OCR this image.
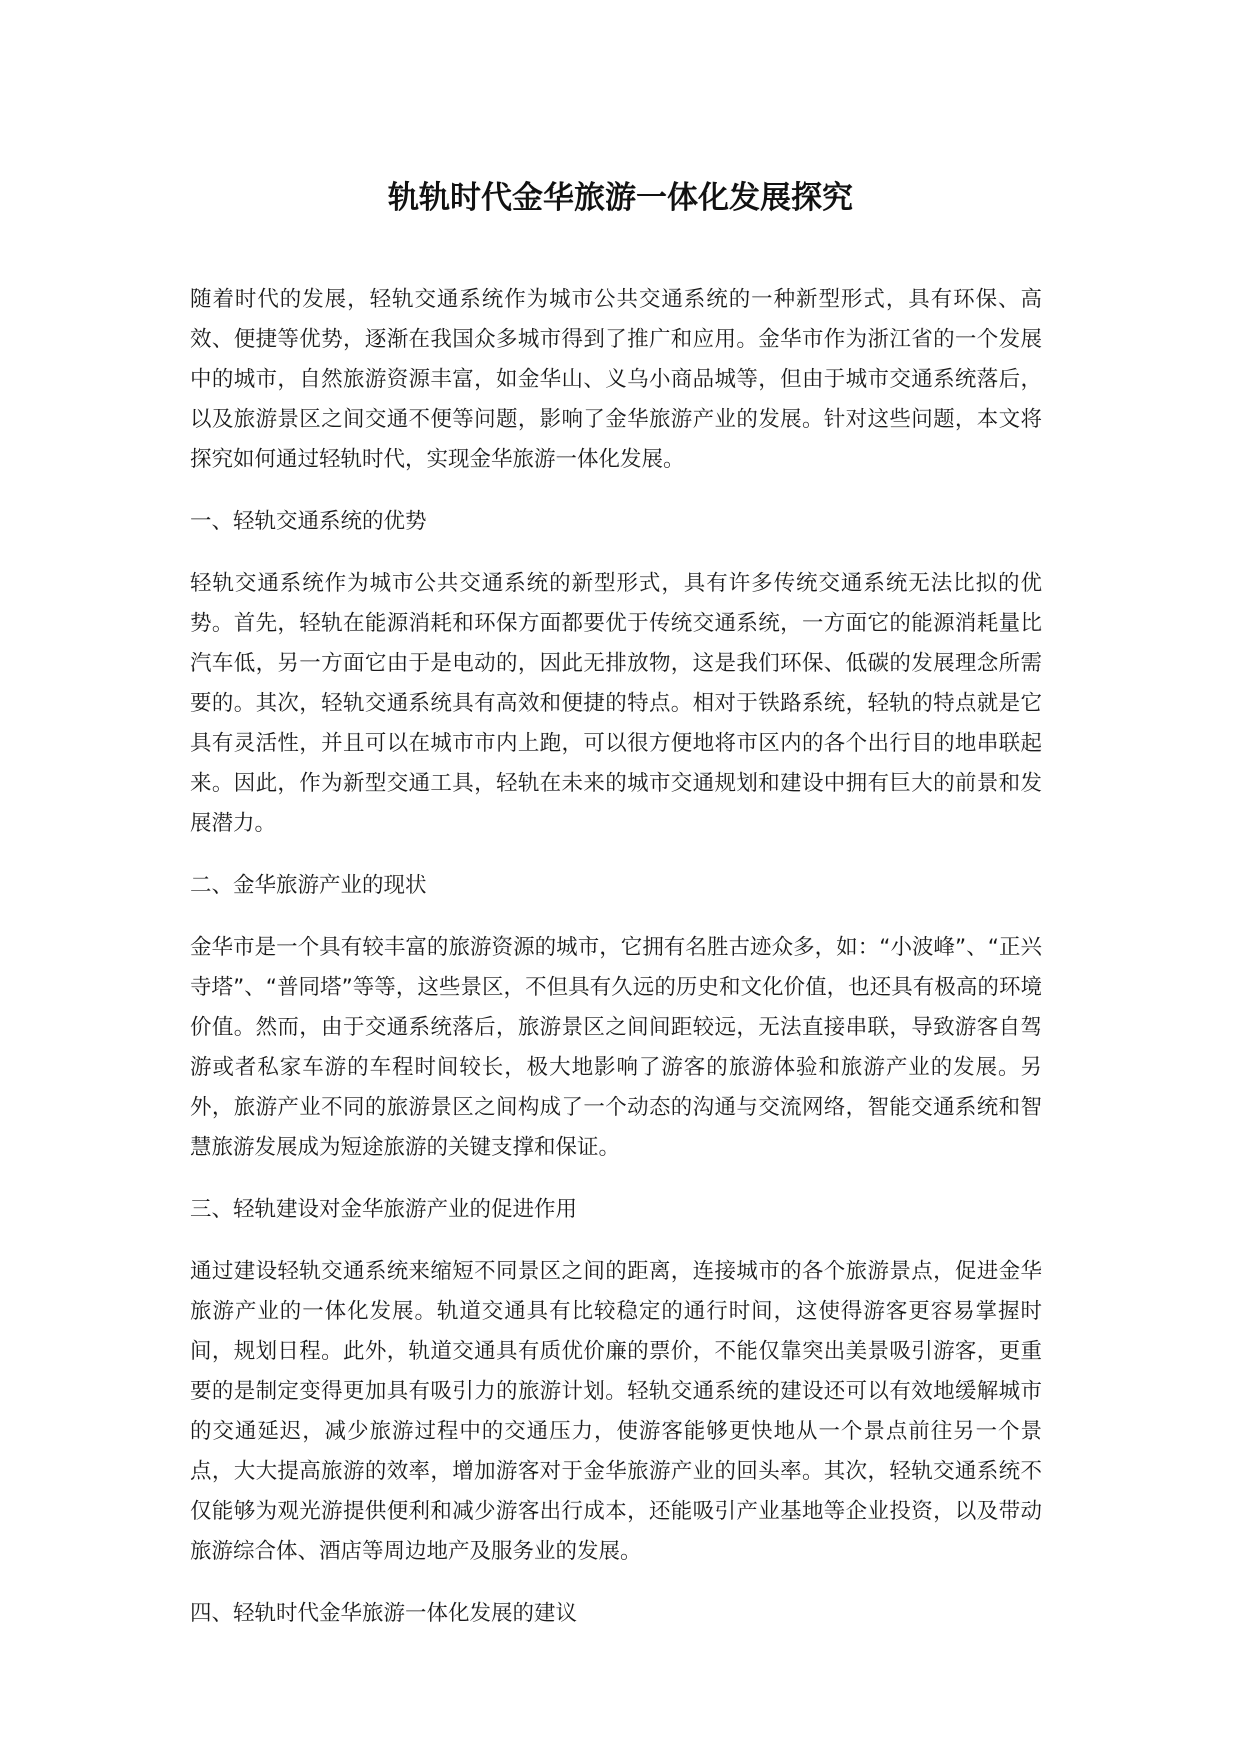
轨轨时代金华旅游一体化发展探究

随着时代的发展，轻轨交通系统作为城市公共交通系统的一种新型形式，具有环保、高效、便捷等优势，逐渐在我国众多城市得到了推广和应用。金华市作为浙江省的一个发展中的城市，自然旅游资源丰富，如金华山、义乌小商品城等，但由于城市交通系统落后，以及旅游景区之间交通不便等问题，影响了金华旅游产业的发展。针对这些问题，本文将探究如何通过轻轨时代，实现金华旅游一体化发展。

一、轻轨交通系统的优势

轻轨交通系统作为城市公共交通系统的新型形式，具有许多传统交通系统无法比拟的优势。首先，轻轨在能源消耗和环保方面都要优于传统交通系统，一方面它的能源消耗量比汽车低，另一方面它由于是电动的，因此无排放物，这是我们环保、低碳的发展理念所需要的。其次，轻轨交通系统具有高效和便捷的特点。相对于铁路系统，轻轨的特点就是它具有灵活性，并且可以在城市市内上跑，可以很方便地将市区内的各个出行目的地串联起来。因此，作为新型交通工具，轻轨在未来的城市交通规划和建设中拥有巨大的前景和发展潜力。

二、金华旅游产业的现状

金华市是一个具有较丰富的旅游资源的城市，它拥有名胜古迹众多，如：“小波峰”、“正兴寺塔”、“普同塔”等等，这些景区，不但具有久远的历史和文化价值，也还具有极高的环境价值。然而，由于交通系统落后，旅游景区之间间距较远，无法直接串联，导致游客自驾游或者私家车游的车程时间较长，极大地影响了游客的旅游体验和旅游产业的发展。另外，旅游产业不同的旅游景区之间构成了一个动态的沟通与交流网络，智能交通系统和智慧旅游发展成为短途旅游的关键支撑和保证。

三、轻轨建设对金华旅游产业的促进作用

通过建设轻轨交通系统来缩短不同景区之间的距离，连接城市的各个旅游景点，促进金华旅游产业的一体化发展。轨道交通具有比较稳定的通行时间，这使得游客更容易掌握时间，规划日程。此外，轨道交通具有质优价廉的票价，不能仅靠突出美景吸引游客，更重要的是制定变得更加具有吸引力的旅游计划。轻轨交通系统的建设还可以有效地缓解城市的交通延迟，减少旅游过程中的交通压力，使游客能够更快地从一个景点前往另一个景点，大大提高旅游的效率，增加游客对于金华旅游产业的回头率。其次，轻轨交通系统不仅能够为观光游提供便利和减少游客出行成本，还能吸引产业基地等企业投资，以及带动旅游综合体、酒店等周边地产及服务业的发展。

四、轻轨时代金华旅游一体化发展的建议
